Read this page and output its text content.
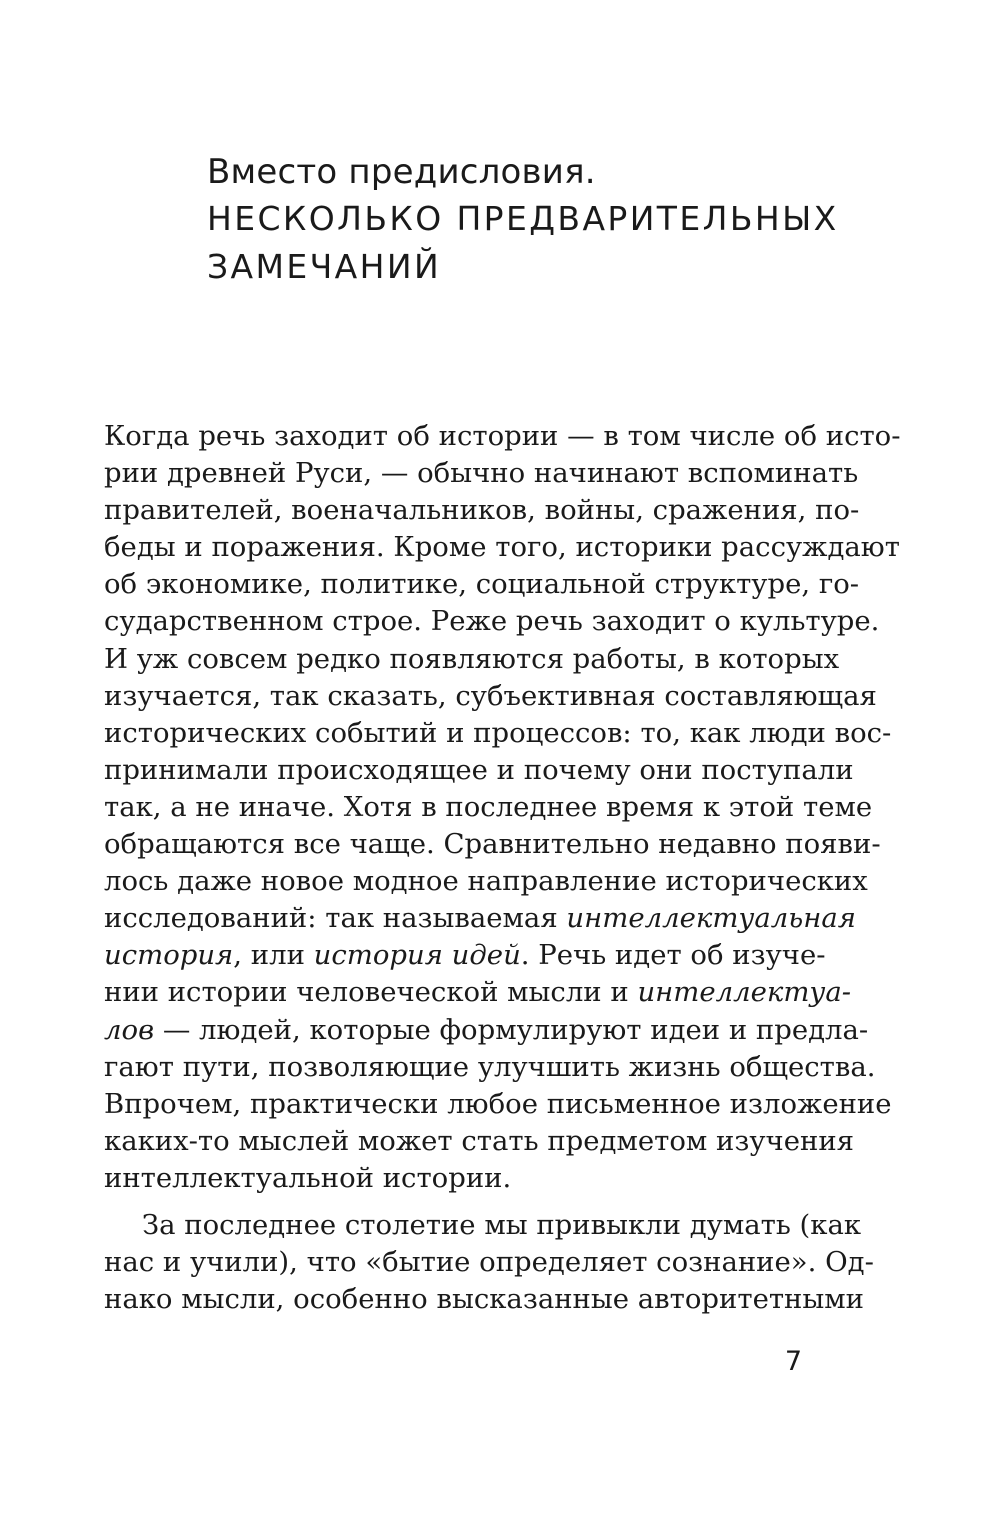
Вместо предисловия.
НЕСКОЛЬКО ПРЕДВАРИТЕЛЬНЫХ
ЗАМЕЧАНИЙ
Когда речь заходит об истории — в том числе об исто-
рии древней Руси, — обычно начинают вспоминать
правителей, военачальников, войны, сражения, по-
беды и поражения. Кроме того, историки рассуждают
об экономике, политике, социальной структуре, го-
сударственном строе. Реже речь заходит о культуре.
И уж совсем редко появляются работы, в которых
изучается, так сказать, субъективная составляющая
исторических событий и процессов: то, как люди вос-
принимали происходящее и почему они поступали
так, а не иначе. Хотя в последнее время к этой теме
обращаются все чаще. Сравнительно недавно появи-
лось даже новое модное направление исторических
исследований: так называемая интеллектуальная
история, или история идей. Речь идет об изуче-
нии истории человеческой мысли и интеллектуа-
лов — людей, которые формулируют идеи и предла-
гают пути, позволяющие улучшить жизнь общества.
Впрочем, практически любое письменное изложение
каких-то мыслей может стать предметом изучения
интеллектуальной истории.
За последнее столетие мы привыкли думать (как
нас и учили), что «бытие определяет сознание». Од-
нако мысли, особенно высказанные авторитетными
7
